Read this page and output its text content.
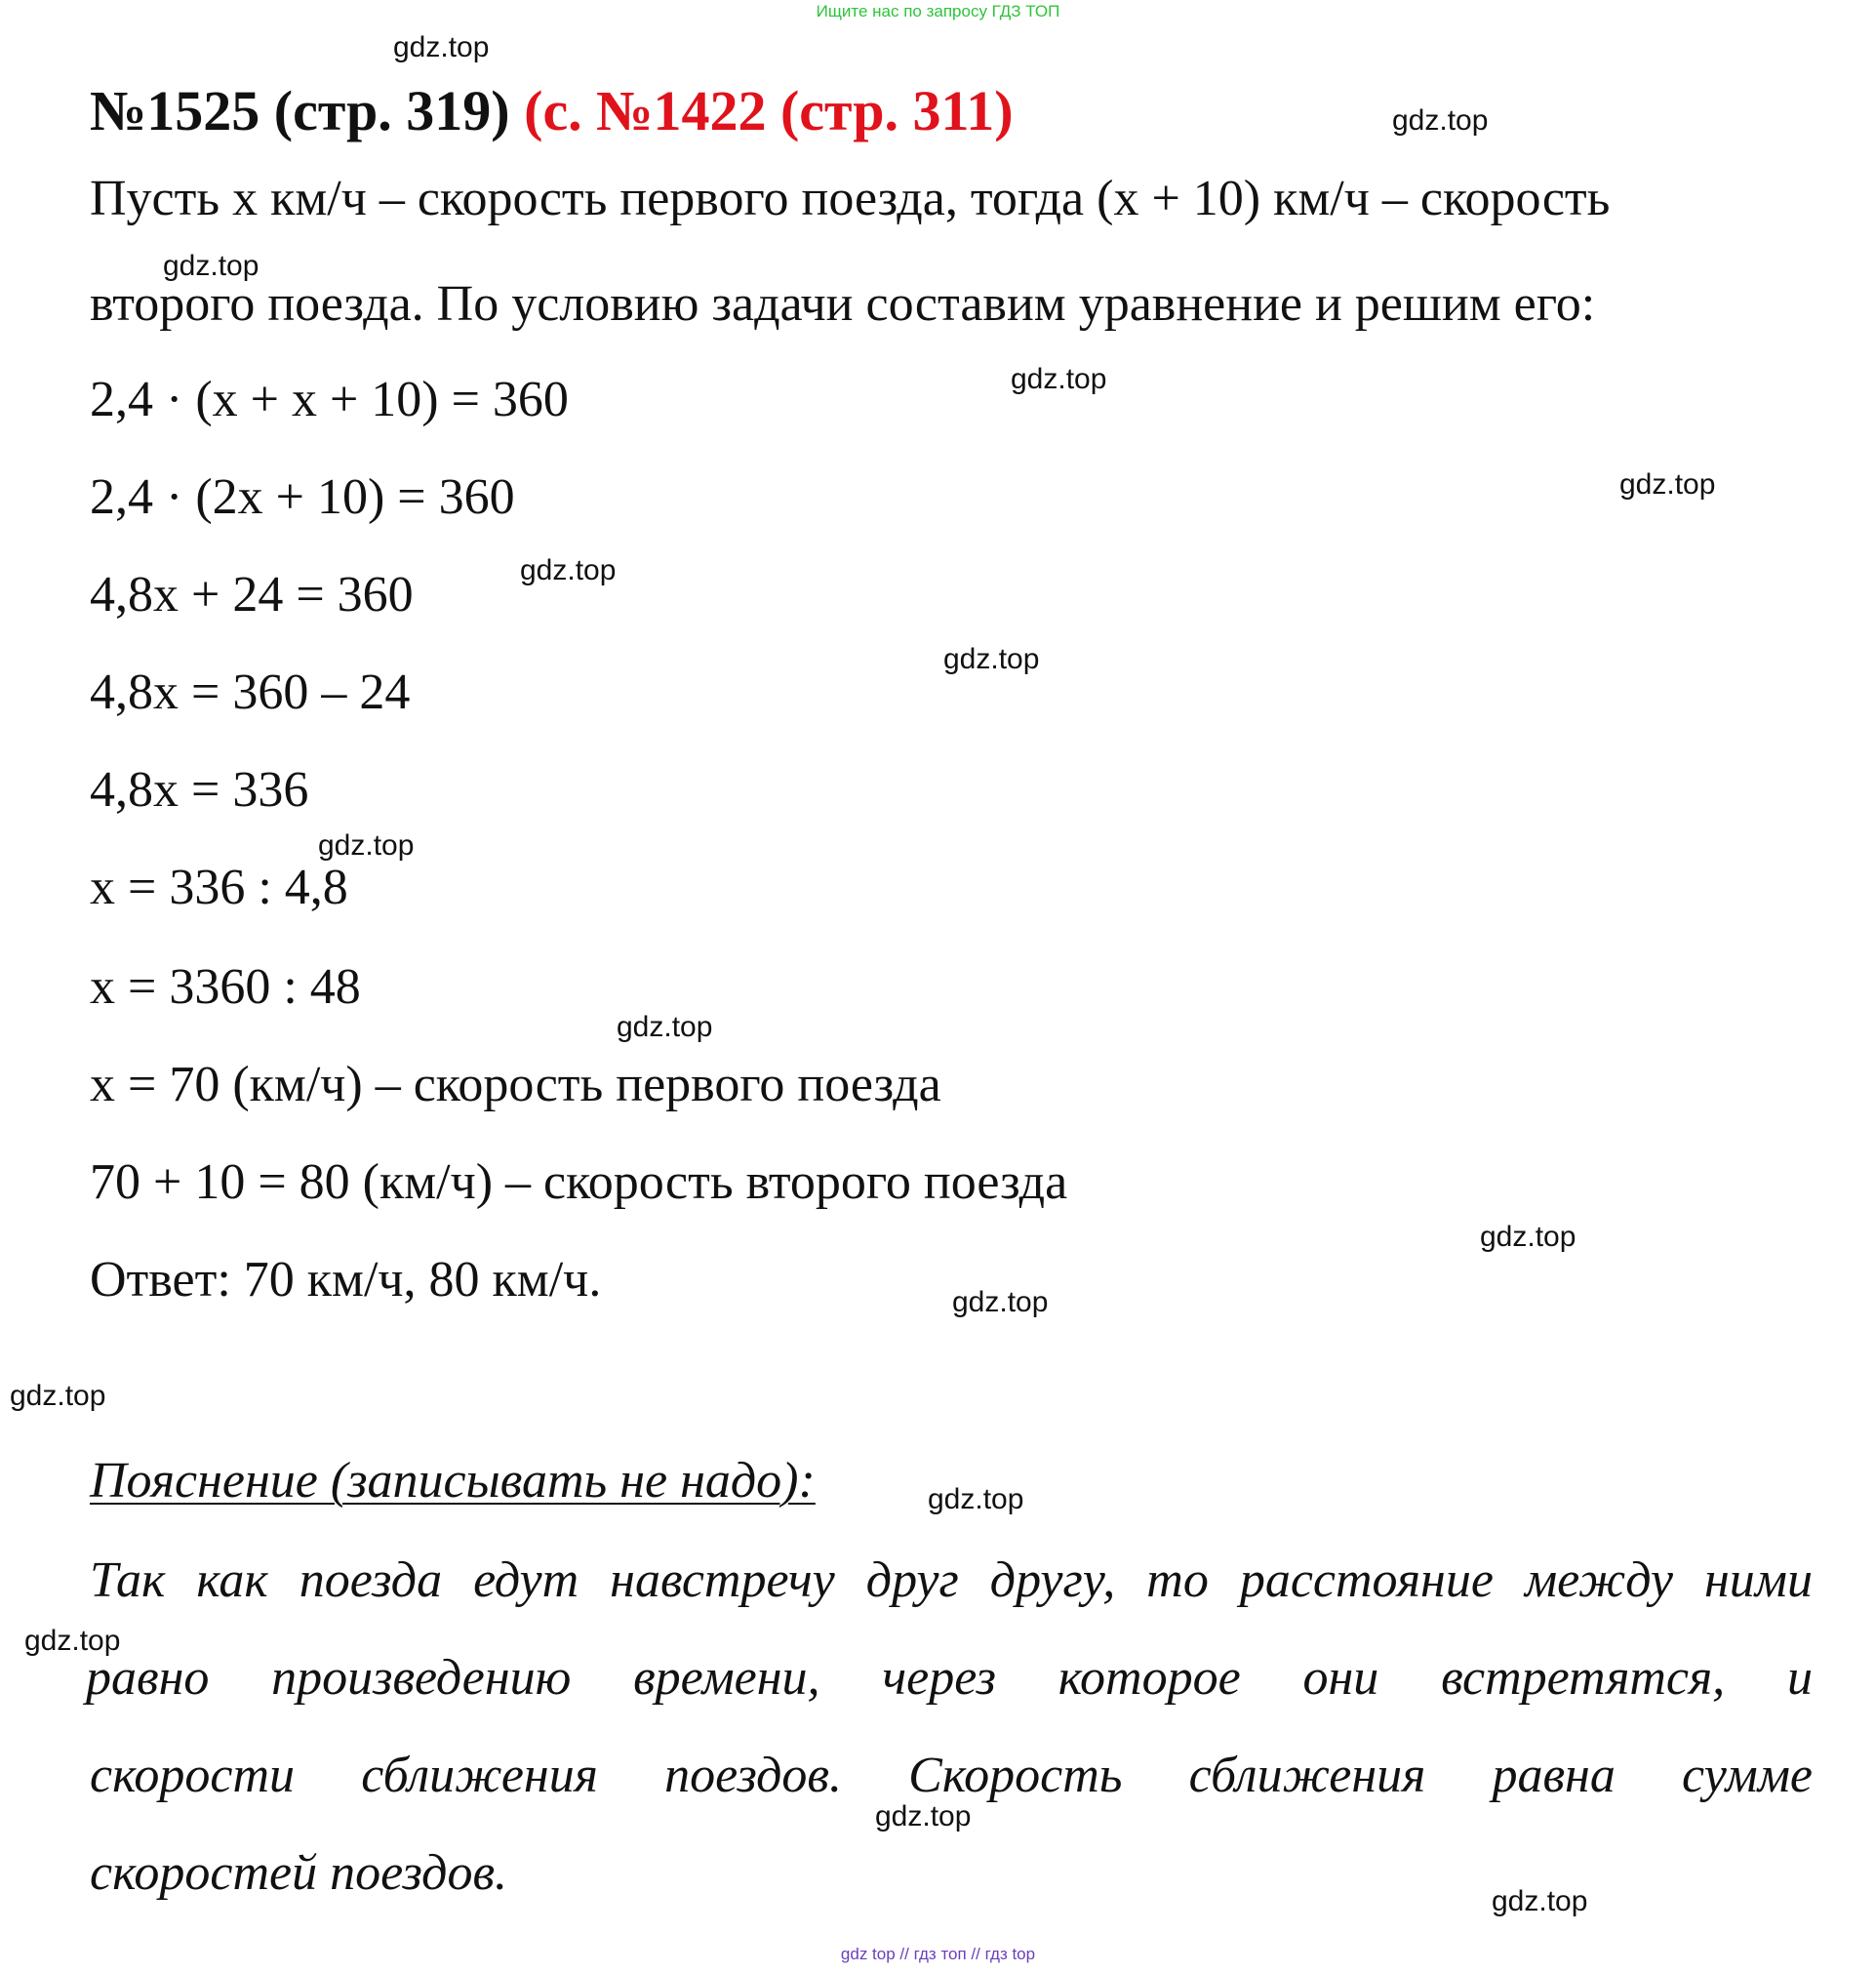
Ищите нас по запросу ГДЗ ТОП
№1525 (стр. 319) (с. №1422 (стр. 311)
Пусть x км/ч – скорость первого поезда, тогда (x + 10) км/ч – скорость
второго поезда. По условию задачи составим уравнение и решим его:
2,4 · (x + x + 10) = 360
2,4 · (2x + 10) = 360
4,8x + 24 = 360
4,8x = 360 – 24
4,8x = 336
x = 336 : 4,8
x = 3360 : 48
x = 70 (км/ч) – скорость первого поезда
70 + 10 = 80 (км/ч) – скорость второго поезда
Ответ: 70 км/ч, 80 км/ч.
Пояснение (записывать не надо):
Так как поезда едут навстречу друг другу, то расстояние между ними
равно произведению времени, через которое они встретятся, и
скорости сближения поездов. Скорость сближения равна сумме
скоростей поездов.
gdz.top
gdz.top
gdz.top
gdz.top
gdz.top
gdz.top
gdz.top
gdz.top
gdz.top
gdz.top
gdz.top
gdz.top
gdz.top
gdz.top
gdz.top
gdz.top
gdz top // гдз топ // гдз top
